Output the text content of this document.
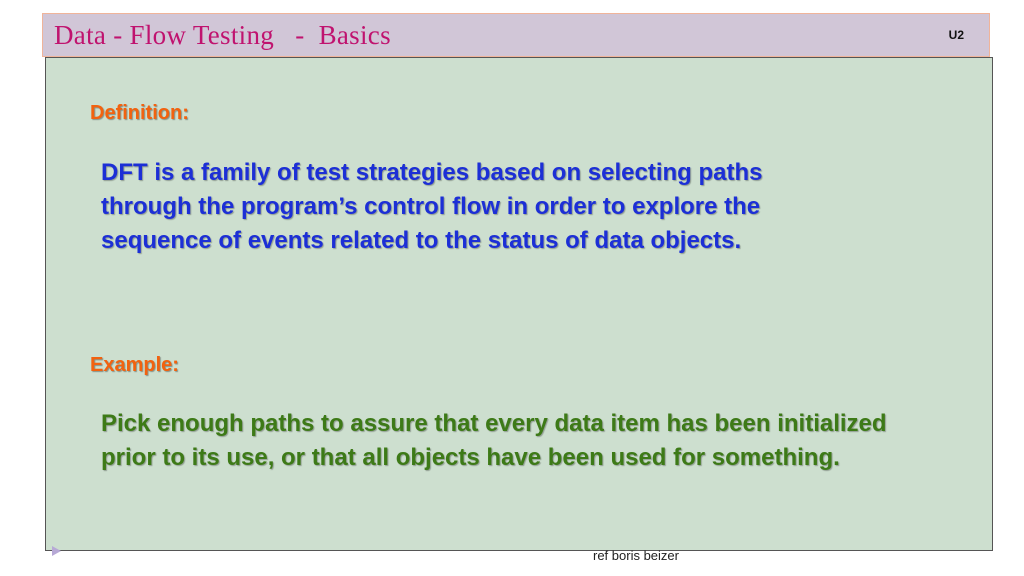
Data - Flow Testing   -  Basics	U2
Definition:

DFT is a family of test strategies based on selecting paths
through the program’s control flow in order to explore the
sequence of events related to the status of data objects.

Example:

Pick enough paths to assure that every data item has been initialized
prior to its use, or that all objects have been used for something.

ref boris beizer
